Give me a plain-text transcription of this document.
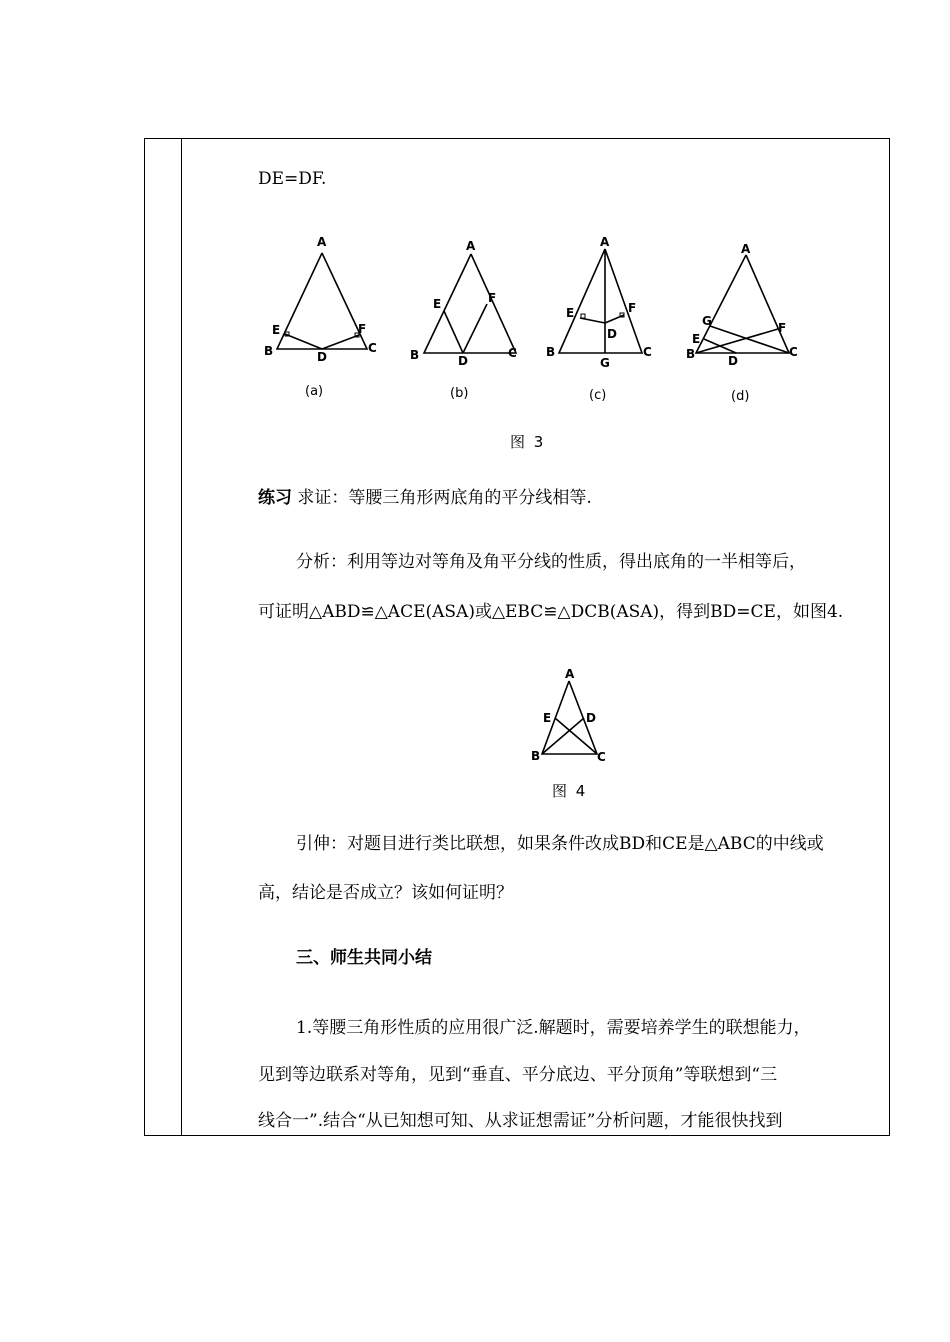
DE=DF.
A
E
B	D
F
C
A
E	F
B	D
C
A
E	F
D
B
G
C
A
G
E
B	D
F
C
(a)	(b)	(c)	(d)
图 3
练习 求证：等腰三角形两底角的平分线相等.
分析：利用等边对等角及角平分线的性质，得出底角的一半相等后，
可证明△ABD≌△ACE(ASA)或△EBC≌△DCB(ASA)，得到BD=CE，如图4.
A
E	D
B	C
图 4
引伸：对题目进行类比联想，如果条件改成BD和CE是△ABC的中线或
高，结论是否成立？该如何证明？
三、师生共同小结
1.等腰三角形性质的应用很广泛.解题时，需要培养学生的联想能力，
见到等边联系对等角，见到“垂直、平分底边、平分顶角”等联想到“三
线合一”.结合“从已知想可知、从求证想需证”分析问题，才能很快找到
